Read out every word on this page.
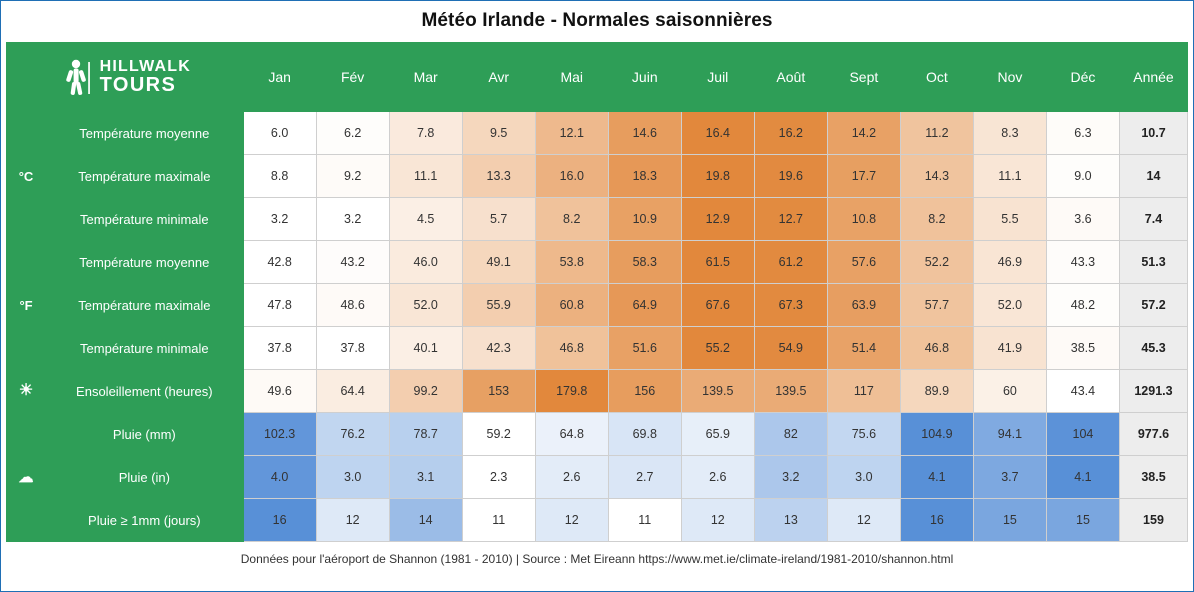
Météo Irlande - Normales saisonnières
HILLWALK
TOURS		Jan	Fév	Mar	Avr	Mai	Juin	Juil	Août	Sept	Oct	Nov	Déc	Année
°C	Température moyenne	6.0	6.2	7.8	9.5	12.1	14.6	16.4	16.2	14.2	11.2	8.3	6.3	10.7
	Température maximale	8.8	9.2	11.1	13.3	16.0	18.3	19.8	19.6	17.7	14.3	11.1	9.0	14
	Température minimale	3.2	3.2	4.5	5.7	8.2	10.9	12.9	12.7	10.8	8.2	5.5	3.6	7.4
°F	Température moyenne	42.8	43.2	46.0	49.1	53.8	58.3	61.5	61.2	57.6	52.2	46.9	43.3	51.3
	Température maximale	47.8	48.6	52.0	55.9	60.8	64.9	67.6	67.3	63.9	57.7	52.0	48.2	57.2
	Température minimale	37.8	37.8	40.1	42.3	46.8	51.6	55.2	54.9	51.4	46.8	41.9	38.5	45.3
☀	Ensoleillement (heures)	49.6	64.4	99.2	153	179.8	156	139.5	139.5	117	89.9	60	43.4	1291.3
☁	Pluie (mm)	102.3	76.2	78.7	59.2	64.8	69.8	65.9	82	75.6	104.9	94.1	104	977.6
	Pluie (in)	4.0	3.0	3.1	2.3	2.6	2.7	2.6	3.2	3.0	4.1	3.7	4.1	38.5
	Pluie ≥ 1mm (jours)	16	12	14	11	12	11	12	13	12	16	15	15	159
Données pour l'aéroport de Shannon (1981 - 2010) | Source : Met Eireann https://www.met.ie/climate-ireland/1981-2010/shannon.html
